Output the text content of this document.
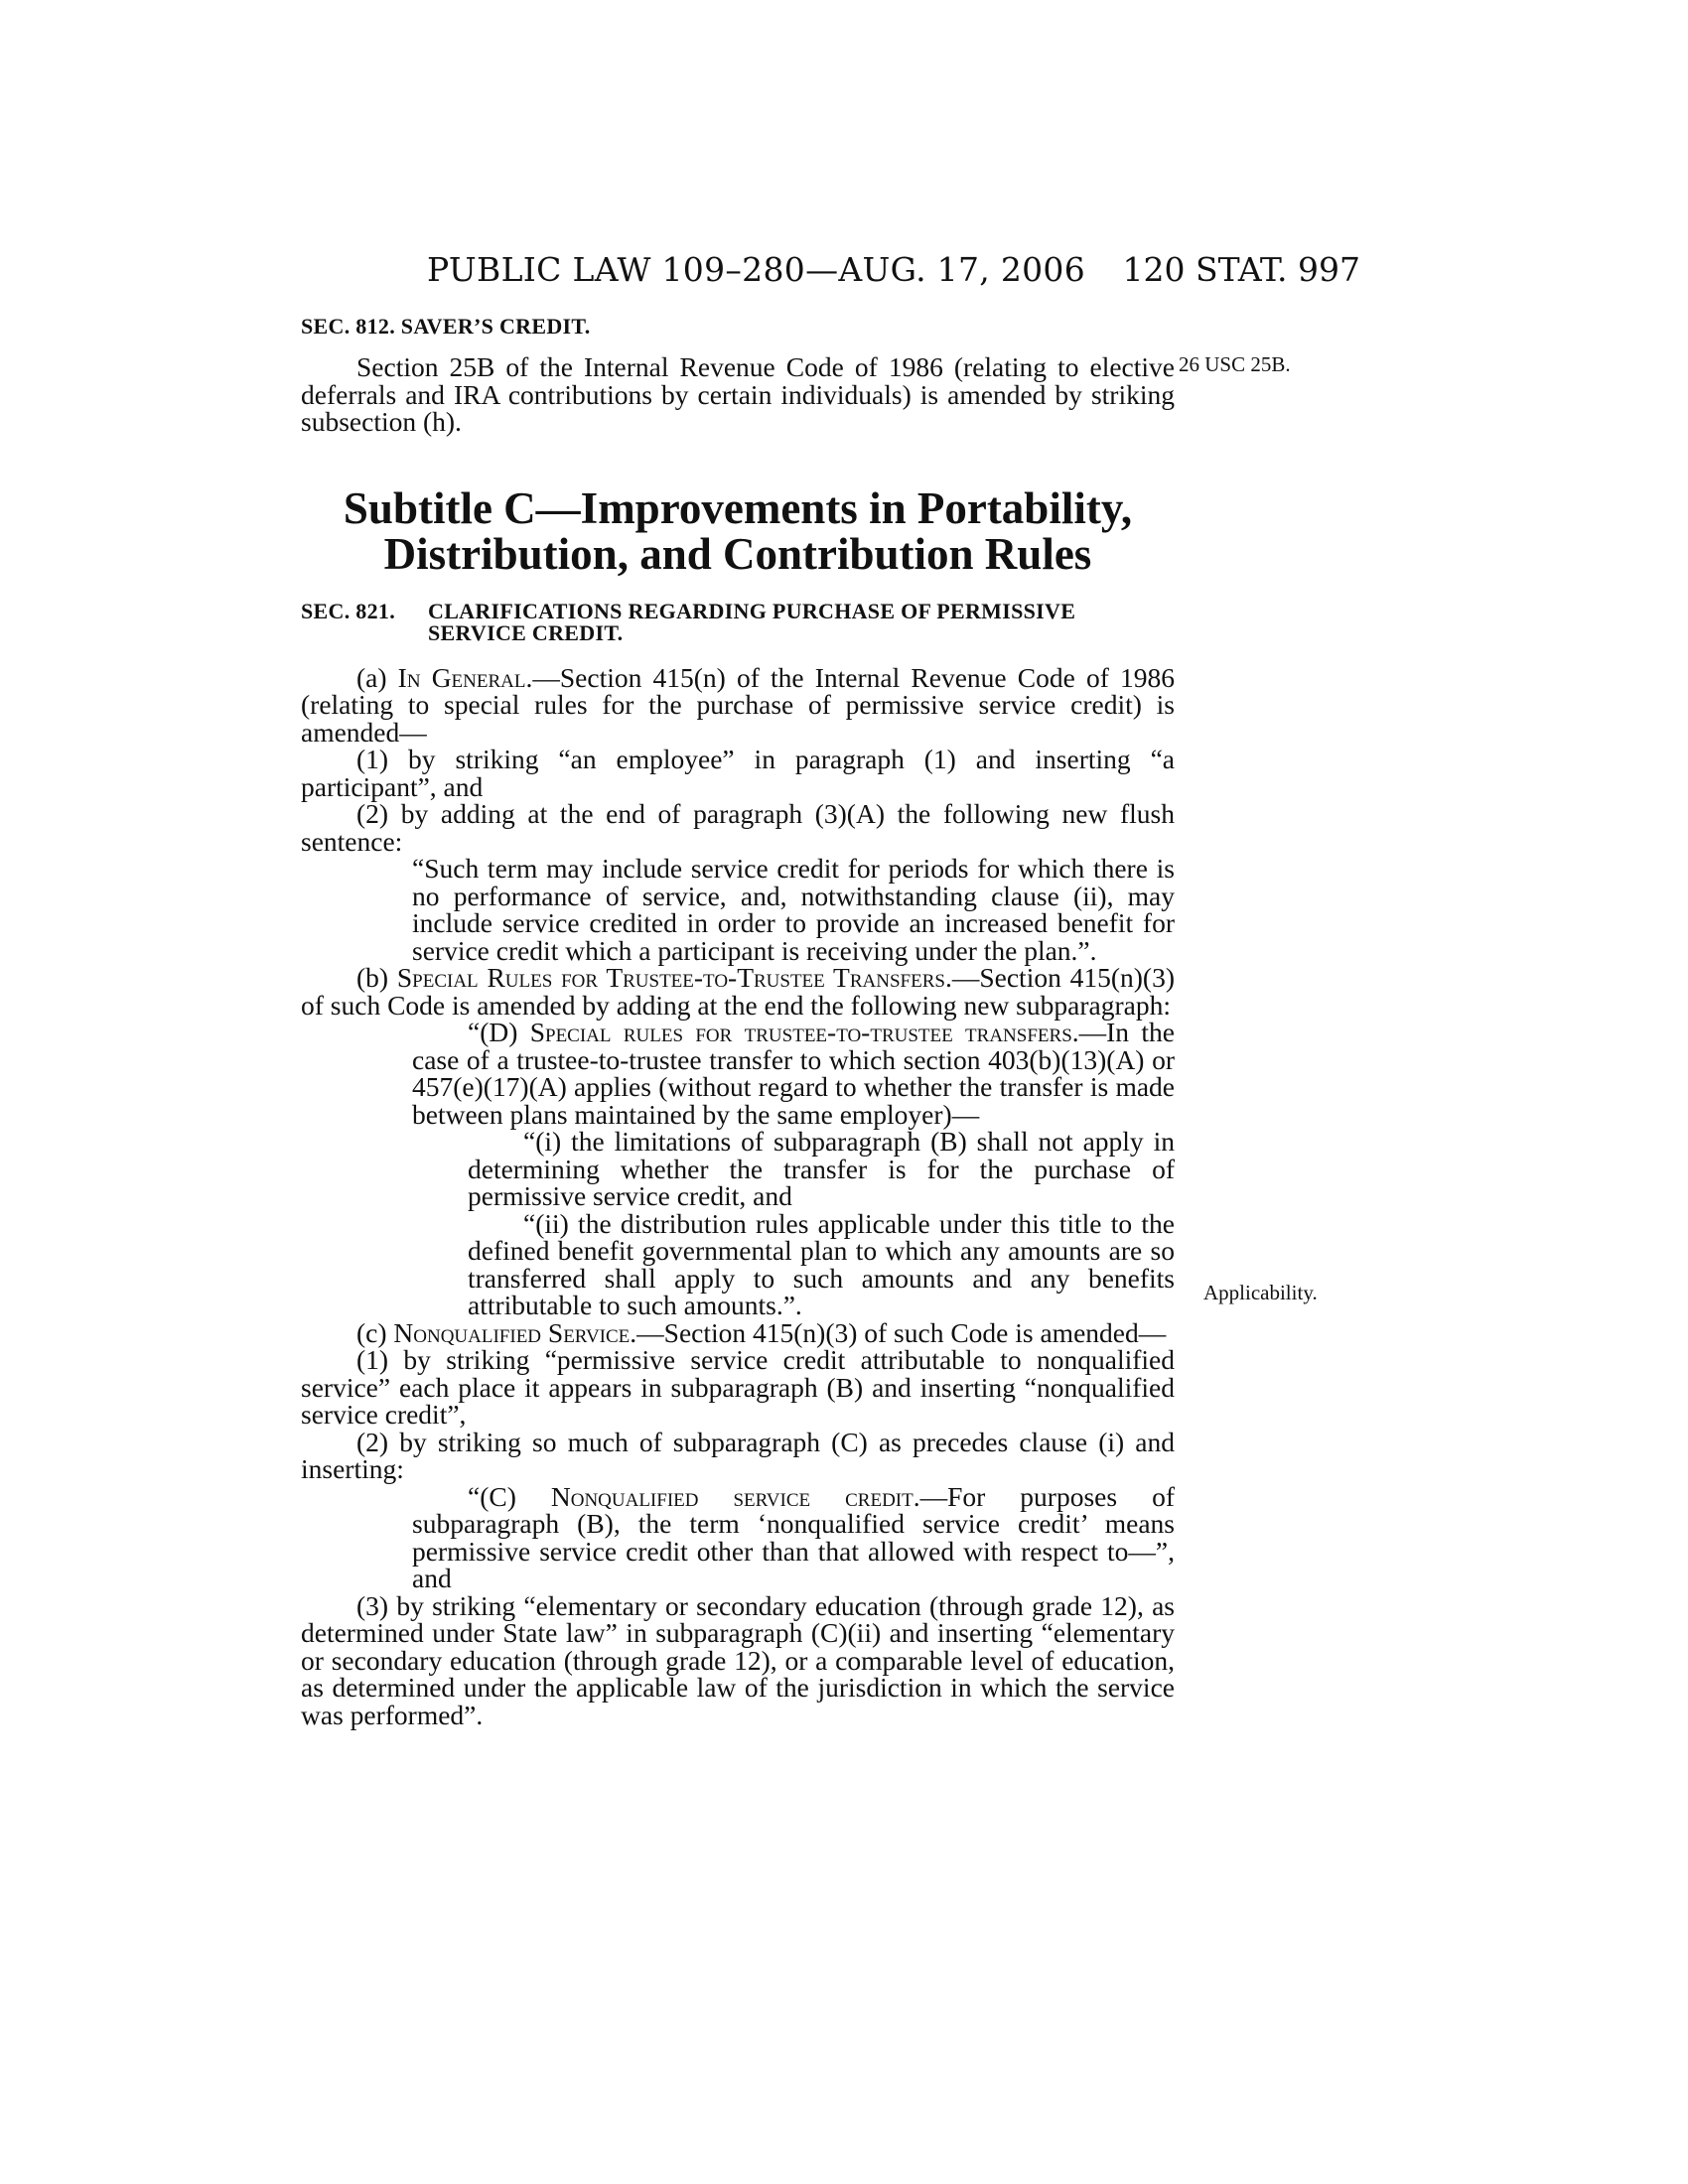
PUBLIC LAW 109–280—AUG. 17, 2006 120 STAT. 997
26 USC 25B.
Applicability.
SEC. 812. SAVER’S CREDIT.
Section 25B of the Internal Revenue Code of 1986 (relating to elective deferrals and IRA contributions by certain individuals) is amended by striking subsection (h).
Subtitle C—Improvements in Portability,
Distribution, and Contribution Rules
SEC. 821. CLARIFICATIONS REGARDING PURCHASE OF PERMISSIVE SERVICE CREDIT.
(a) In General.—Section 415(n) of the Internal Revenue Code of 1986 (relating to special rules for the purchase of permissive service credit) is amended—
(1) by striking “an employee” in paragraph (1) and inserting “a participant”, and
(2) by adding at the end of paragraph (3)(A) the following new flush sentence:
“Such term may include service credit for periods for which there is no performance of service, and, notwithstanding clause (ii), may include service credited in order to provide an increased benefit for service credit which a participant is receiving under the plan.”.
(b) Special Rules for Trustee-to-Trustee Transfers.—Section 415(n)(3) of such Code is amended by adding at the end the following new subparagraph:
“(D) Special rules for trustee-to-trustee transfers.—In the case of a trustee-to-trustee transfer to which section 403(b)(13)(A) or 457(e)(17)(A) applies (without regard to whether the transfer is made between plans maintained by the same employer)—
“(i) the limitations of subparagraph (B) shall not apply in determining whether the transfer is for the purchase of permissive service credit, and
“(ii) the distribution rules applicable under this title to the defined benefit governmental plan to which any amounts are so transferred shall apply to such amounts and any benefits attributable to such amounts.”.
(c) Nonqualified Service.—Section 415(n)(3) of such Code is amended—
(1) by striking “permissive service credit attributable to nonqualified service” each place it appears in subparagraph (B) and inserting “nonqualified service credit”,
(2) by striking so much of subparagraph (C) as precedes clause (i) and inserting:
“(C) Nonqualified service credit.—For purposes of subparagraph (B), the term ‘nonqualified service credit’ means permissive service credit other than that allowed with respect to—”, and
(3) by striking “elementary or secondary education (through grade 12), as determined under State law” in subparagraph (C)(ii) and inserting “elementary or secondary education (through grade 12), or a comparable level of education, as determined under the applicable law of the jurisdiction in which the service was performed”.
